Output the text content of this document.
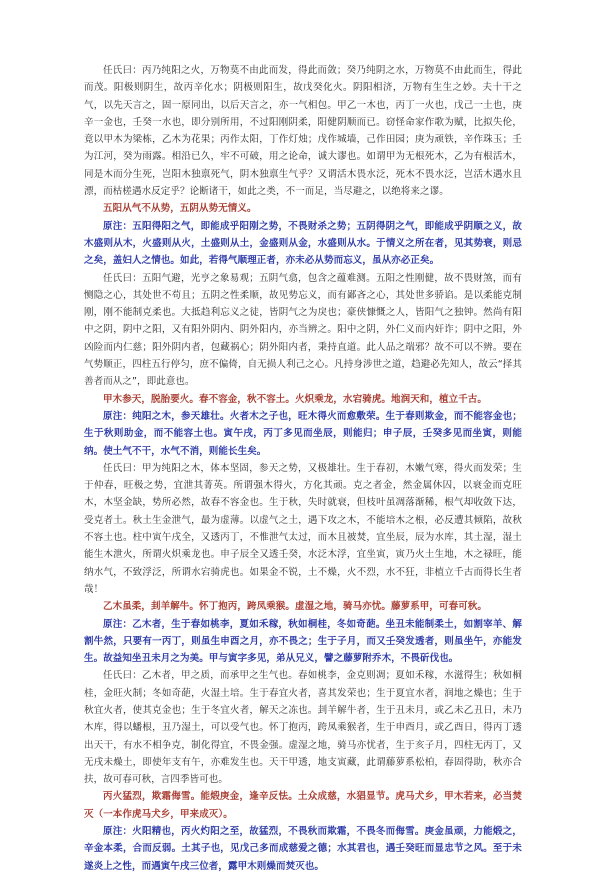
任氏曰：丙乃纯阳之火，万物莫不由此而发，得此而敛；癸乃纯阴之水，万物莫不由此而生，得此而茂。阳极则阴生，故丙辛化水；阴极则阳生，故戊癸化火。阴阳相济，万物有生生之妙。夫十干之气，以先天言之，固一原同出，以后天言之，亦一气相包。甲乙一木也，丙丁一火也，戊己一土也，庚辛一金也，壬癸一水也，即分别所用，不过阳刚阴柔，阳健阴顺而已。窃怪命家作歌为赋，比拟失伦，竟以甲木为梁栋，乙木为花果；丙作太阳，丁作灯烛；戊作城墙，己作田园；庚为顽铁，辛作珠玉；壬为江河，癸为雨露。相沿已久，牢不可破，用之论命，诚大谬也。如谓甲为无根死木，乙为有根活木，同是木而分生死，岂阳木独禀死气，阴木独禀生气乎？又谓活木畏水泛，死木不畏水泛，岂活木遇水且漂，而枯槎遇水反定乎？论断诸干，如此之类，不一而足，当尽避之，以绝将来之谬。

五阳从气不从势，五阴从势无情义。

原注：五阳得阳之气，即能成乎阳刚之势，不畏财杀之势；五阴得阴之气，即能成乎阴顺之义，故木盛则从木，火盛则从火，土盛则从土，金盛则从金，水盛则从水。于情义之所在者，见其势衰，则忌之矣，盖妇人之情也。如此，若得气顺理正者，亦未必从势而忘义，虽从亦必正矣。

任氏曰：五阳气避，光亨之象易观；五阴气翕，包含之蕴难测。五阳之性刚健，故不畏财煞，而有恻隐之心，其处世不苟且；五阴之性柔顺，故见势忘义，而有鄙吝之心，其处世多骄谄。是以柔能克制刚，刚不能制克柔也。大抵趋利忘义之徒，皆阴气之为戾也；豪侠慷慨之人，皆阳气之独钟。然尚有阳中之阴，阴中之阳，又有阳外阴内、阴外阳内，亦当辨之。阳中之阴，外仁义而内奸诈；阴中之阳，外凶险而内仁慈；阳外阴内者，包藏祸心；阴外阳内者，秉持直道。此人品之端邪？故不可以不辨。要在气势顺正，四柱五行停匀，庶不偏倚，自无损人利己之心。凡持身涉世之道，趋避必先知人，故云“择其善者而从之”，即此意也。

甲木参天，脱胎要火。春不容金，秋不容土。火炽乘龙，水宕骑虎。地润天和，植立千古。

原注：纯阳之木，参天雄壮。火者木之子也，旺木得火而愈敷荣。生于春则欺金，而不能容金也；生于秋则助金，而不能容土也。寅午戌，丙丁多见而坐辰，则能归；申子辰，壬癸多见而坐寅，则能纳。使土气不干，水气不消，则能长生矣。

任氏曰：甲为纯阳之木，体本坚固，参天之势，又极雄壮。生于春初，木嫩气寒，得火而发荣；生于仲春，旺极之势，宜泄其菁英。所谓强木得火，方化其顽。克之者金，然金属休囚，以衰金而克旺木，木坚金缺，势所必然，故春不容金也。生于秋，失时就衰，但枝叶虽凋落渐稀，根气却收敛下达，受克者土。秋土生金泄气，最为虚薄。以虚气之土，遇下攻之木，不能培木之根，必反遭其倾陷，故秋不容土也。柱中寅午戌全，又透丙丁，不惟泄气太过，而木且被焚，宜坐辰，辰为水库，其土湿，湿土能生木泄火，所谓火炽乘龙也。申子辰全又透壬癸，水泛木浮，宜坐寅，寅乃火土生地，木之禄旺，能纳水气，不致浮泛，所谓水宕骑虎也。如果金不锐，土不燥，火不烈，水不狂，非植立千古而得长生者哉！

乙木虽柔，刲羊解牛。怀丁抱丙，跨凤乘猴。虚湿之地，骑马亦忧。藤萝系甲，可春可秋。

原注：乙木者，生于春如桃李，夏如禾稼，秋如桐桂，冬如奇葩。坐丑未能制柔土，如割宰羊、解割牛然，只要有一丙丁，则虽生申酉之月，亦不畏之；生于子月，而又壬癸发透者，则虽坐午，亦能发生。故益知坐丑未月之为美。甲与寅字多见，弟从兄义，譬之藤萝附乔木，不畏斫伐也。

任氏曰：乙木者，甲之质，而承甲之生气也。春如桃李，金克则凋；夏如禾稼，水滋得生；秋如桐桂，金旺火制；冬如奇葩，火湿土培。生于春宜火者，喜其发荣也；生于夏宜水者，润地之燥也；生于秋宜火者，使其克金也；生于冬宜火者，解天之冻也。刲羊解牛者，生于丑未月，或乙未乙丑日，未乃木库，得以蟠根，丑乃湿土，可以受气也。怀丁抱丙，跨凤乘猴者，生于申酉月，或乙酉日，得丙丁透出天干，有水不相争克，制化得宜，不畏金强。虚湿之地，骑马亦忧者，生于亥子月，四柱无丙丁，又无戌未燥土，即使年支有午，亦难发生也。天干甲透，地支寅藏，此谓藤萝系松柏，春固得助，秋亦合扶，故可春可秋，言四季皆可也。

丙火猛烈，欺霜侮雪。能煅庚金，逢辛反怯。土众成慈，水猖显节。虎马犬乡，甲木若来，必当焚灭（一本作虎马犬乡，甲来成灭）。

原注：火阳精也，丙火灼阳之至，故猛烈，不畏秋而欺霜，不畏冬而侮雪。庚金虽顽，力能煅之，辛金本柔，合而反弱。土其子也，见戊己多而成慈爱之德；水其君也，遇壬癸旺而显忠节之风。至于未遂炎上之性，而遇寅午戌三位者，露甲木则燥而焚灭也。
